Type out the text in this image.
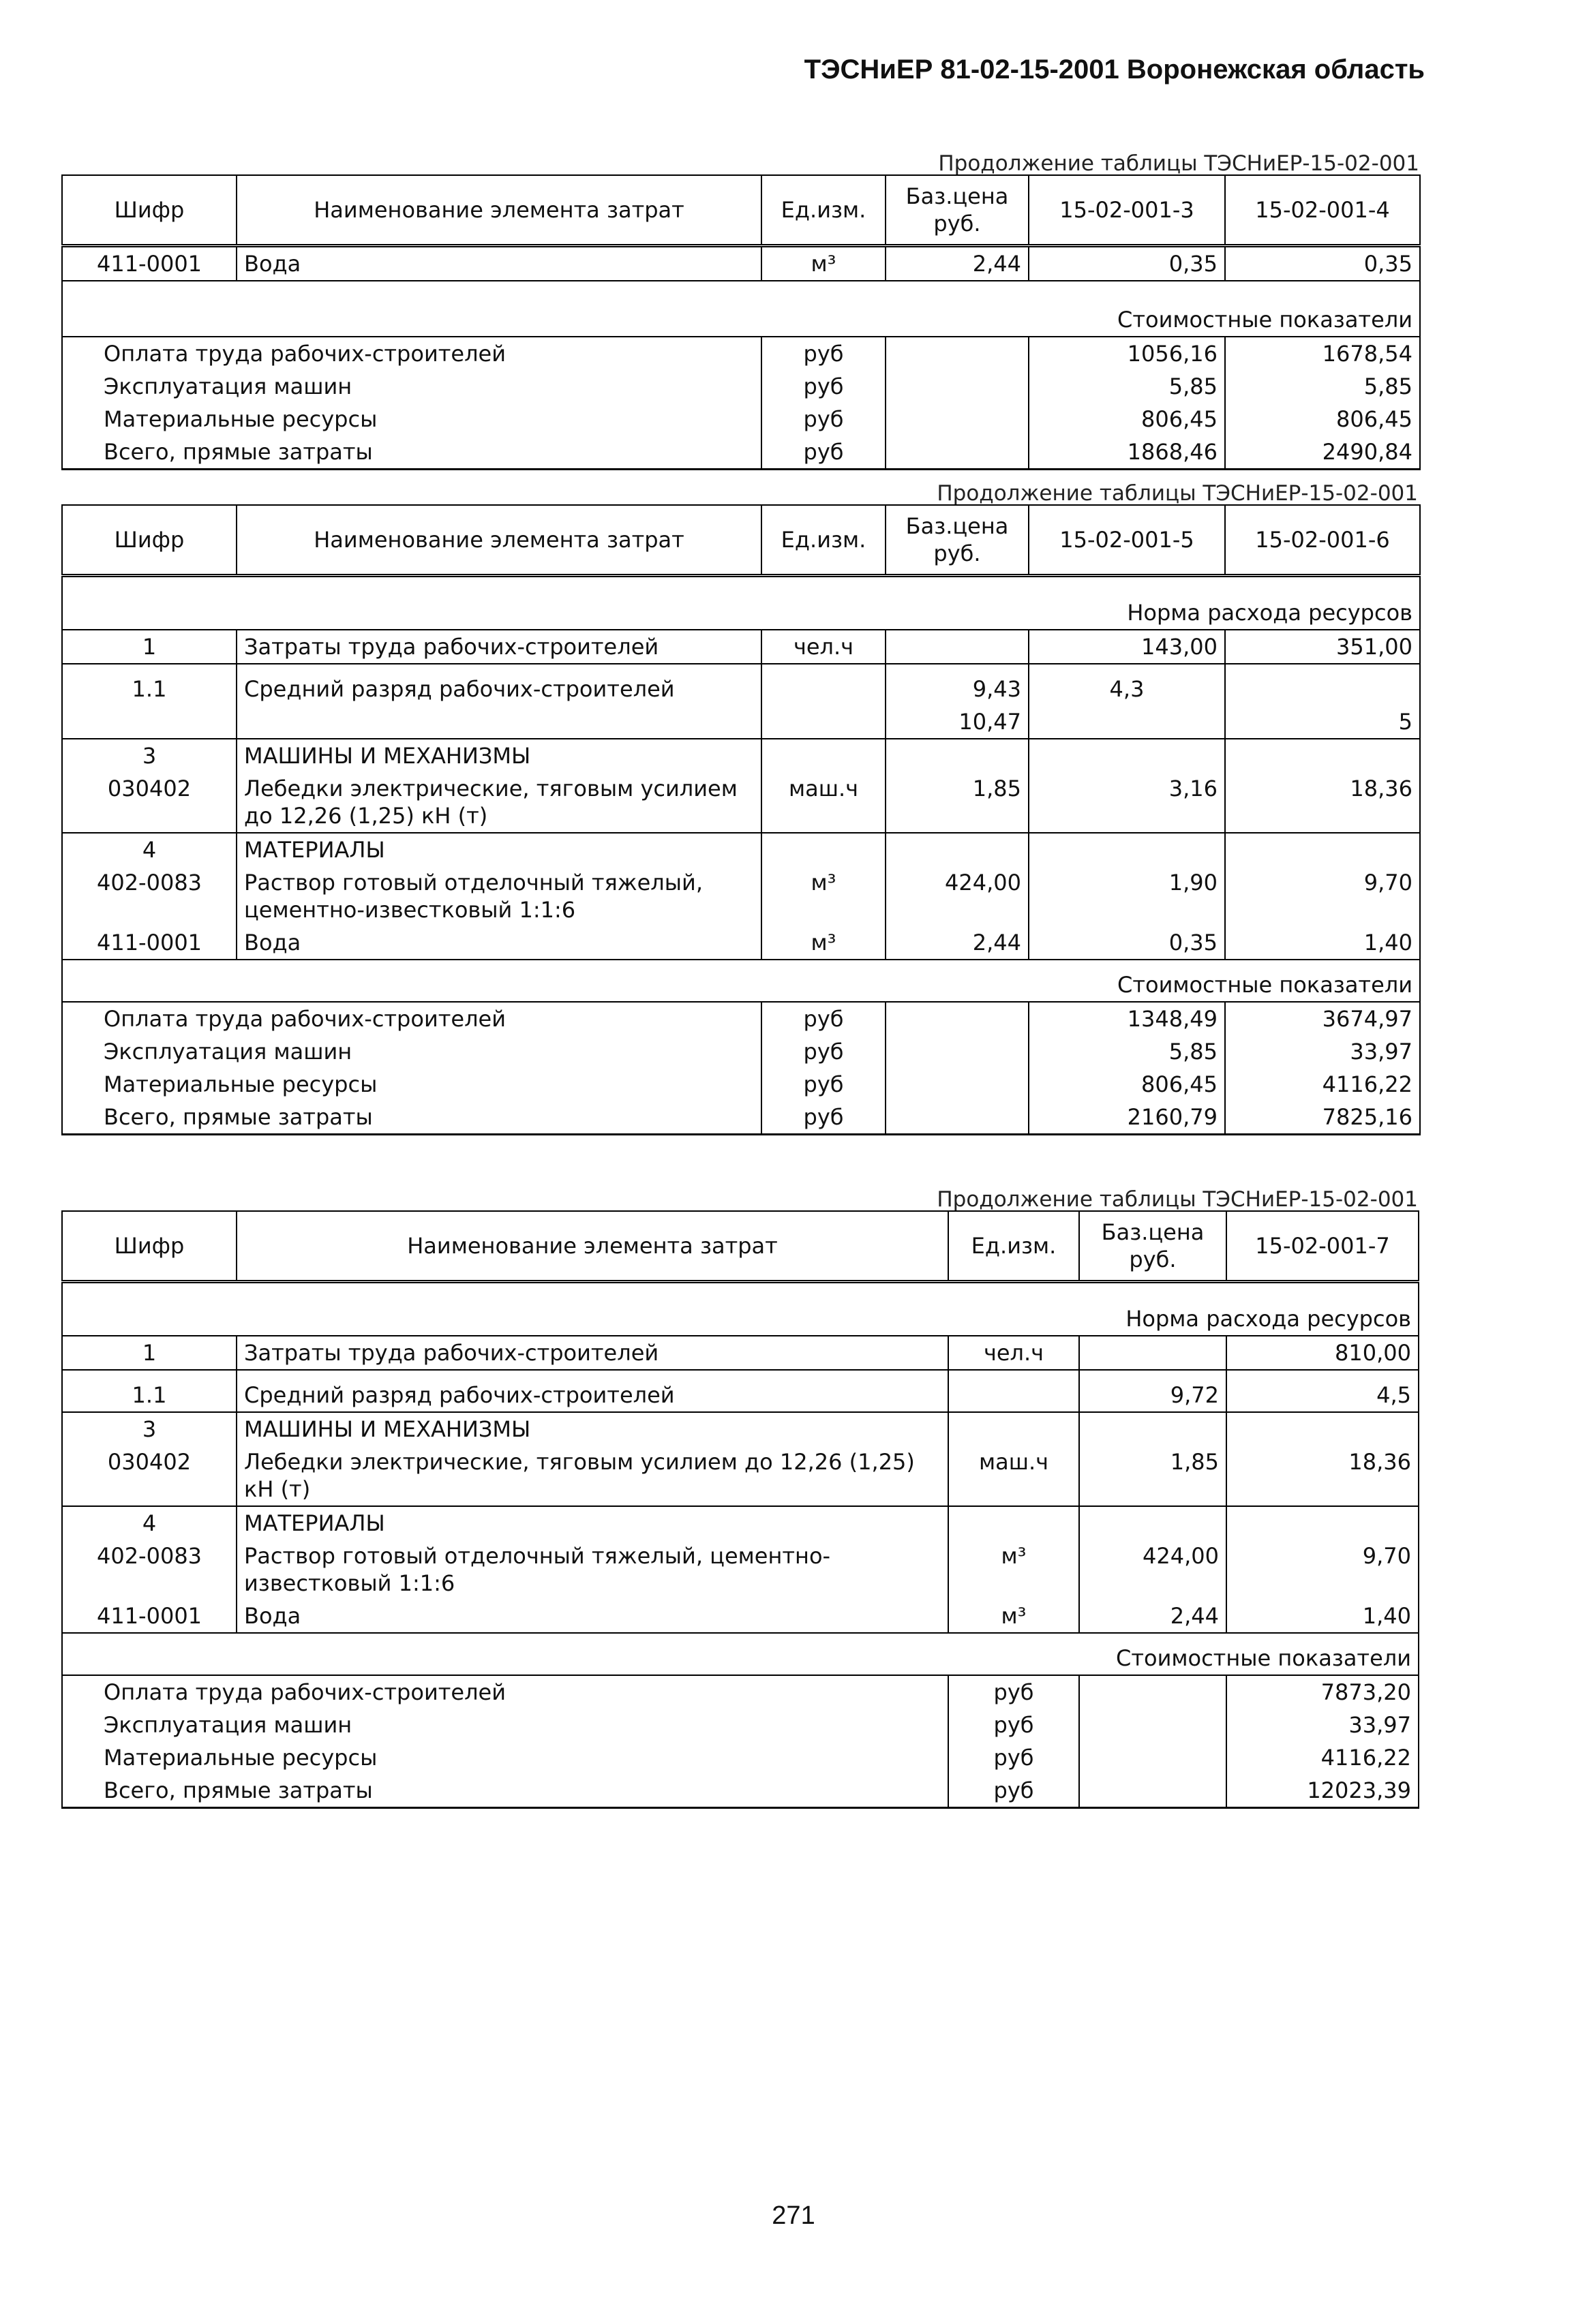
ТЭСНиЕР 81-02-15-2001 Воронежская область
Продолжение таблицы ТЭСНиЕР-15-02-001
Шифр	Наименование элемента затрат	Ед.изм.	Баз.цена руб.	15-02-001-3	15-02-001-4
411-0001	Вода	м³	2,44	0,35	0,35
Стоимостные показатели					
Оплата труда рабочих-строителей		руб		1056,16	1678,54
Эксплуатация машин		руб		5,85	5,85
Материальные ресурсы		руб		806,45	806,45
Всего, прямые затраты		руб		1868,46	2490,84
Продолжение таблицы ТЭСНиЕР-15-02-001
Шифр	Наименование элемента затрат	Ед.изм.	Баз.цена руб.	15-02-001-5	15-02-001-6
Норма расхода ресурсов					
1	Затраты труда рабочих-строителей	чел.ч		143,00	351,00
1.1	Средний разряд рабочих-строителей		9,43	4,3	
			10,47		5
3	МАШИНЫ И МЕХАНИЗМЫ				
030402	Лебедки электрические, тяговым усилием до 12,26 (1,25) кН (т)	маш.ч	1,85	3,16	18,36
4	МАТЕРИАЛЫ				
402-0083	Раствор готовый отделочный тяжелый, цементно-известковый 1:1:6	м³	424,00	1,90	9,70
411-0001	Вода	м³	2,44	0,35	1,40
Стоимостные показатели					
Оплата труда рабочих-строителей		руб		1348,49	3674,97
Эксплуатация машин		руб		5,85	33,97
Материальные ресурсы		руб		806,45	4116,22
Всего, прямые затраты		руб		2160,79	7825,16
Продолжение таблицы ТЭСНиЕР-15-02-001
Шифр	Наименование элемента затрат	Ед.изм.	Баз.цена руб.	15-02-001-7
Норма расхода ресурсов				
1	Затраты труда рабочих-строителей	чел.ч		810,00
1.1	Средний разряд рабочих-строителей		9,72	4,5
3	МАШИНЫ И МЕХАНИЗМЫ			
030402	Лебедки электрические, тяговым усилием до 12,26 (1,25) кН (т)	маш.ч	1,85	18,36
4	МАТЕРИАЛЫ			
402-0083	Раствор готовый отделочный тяжелый, цементно-известковый 1:1:6	м³	424,00	9,70
411-0001	Вода	м³	2,44	1,40
Стоимостные показатели				
Оплата труда рабочих-строителей		руб		7873,20
Эксплуатация машин		руб		33,97
Материальные ресурсы		руб		4116,22
Всего, прямые затраты		руб		12023,39
271
